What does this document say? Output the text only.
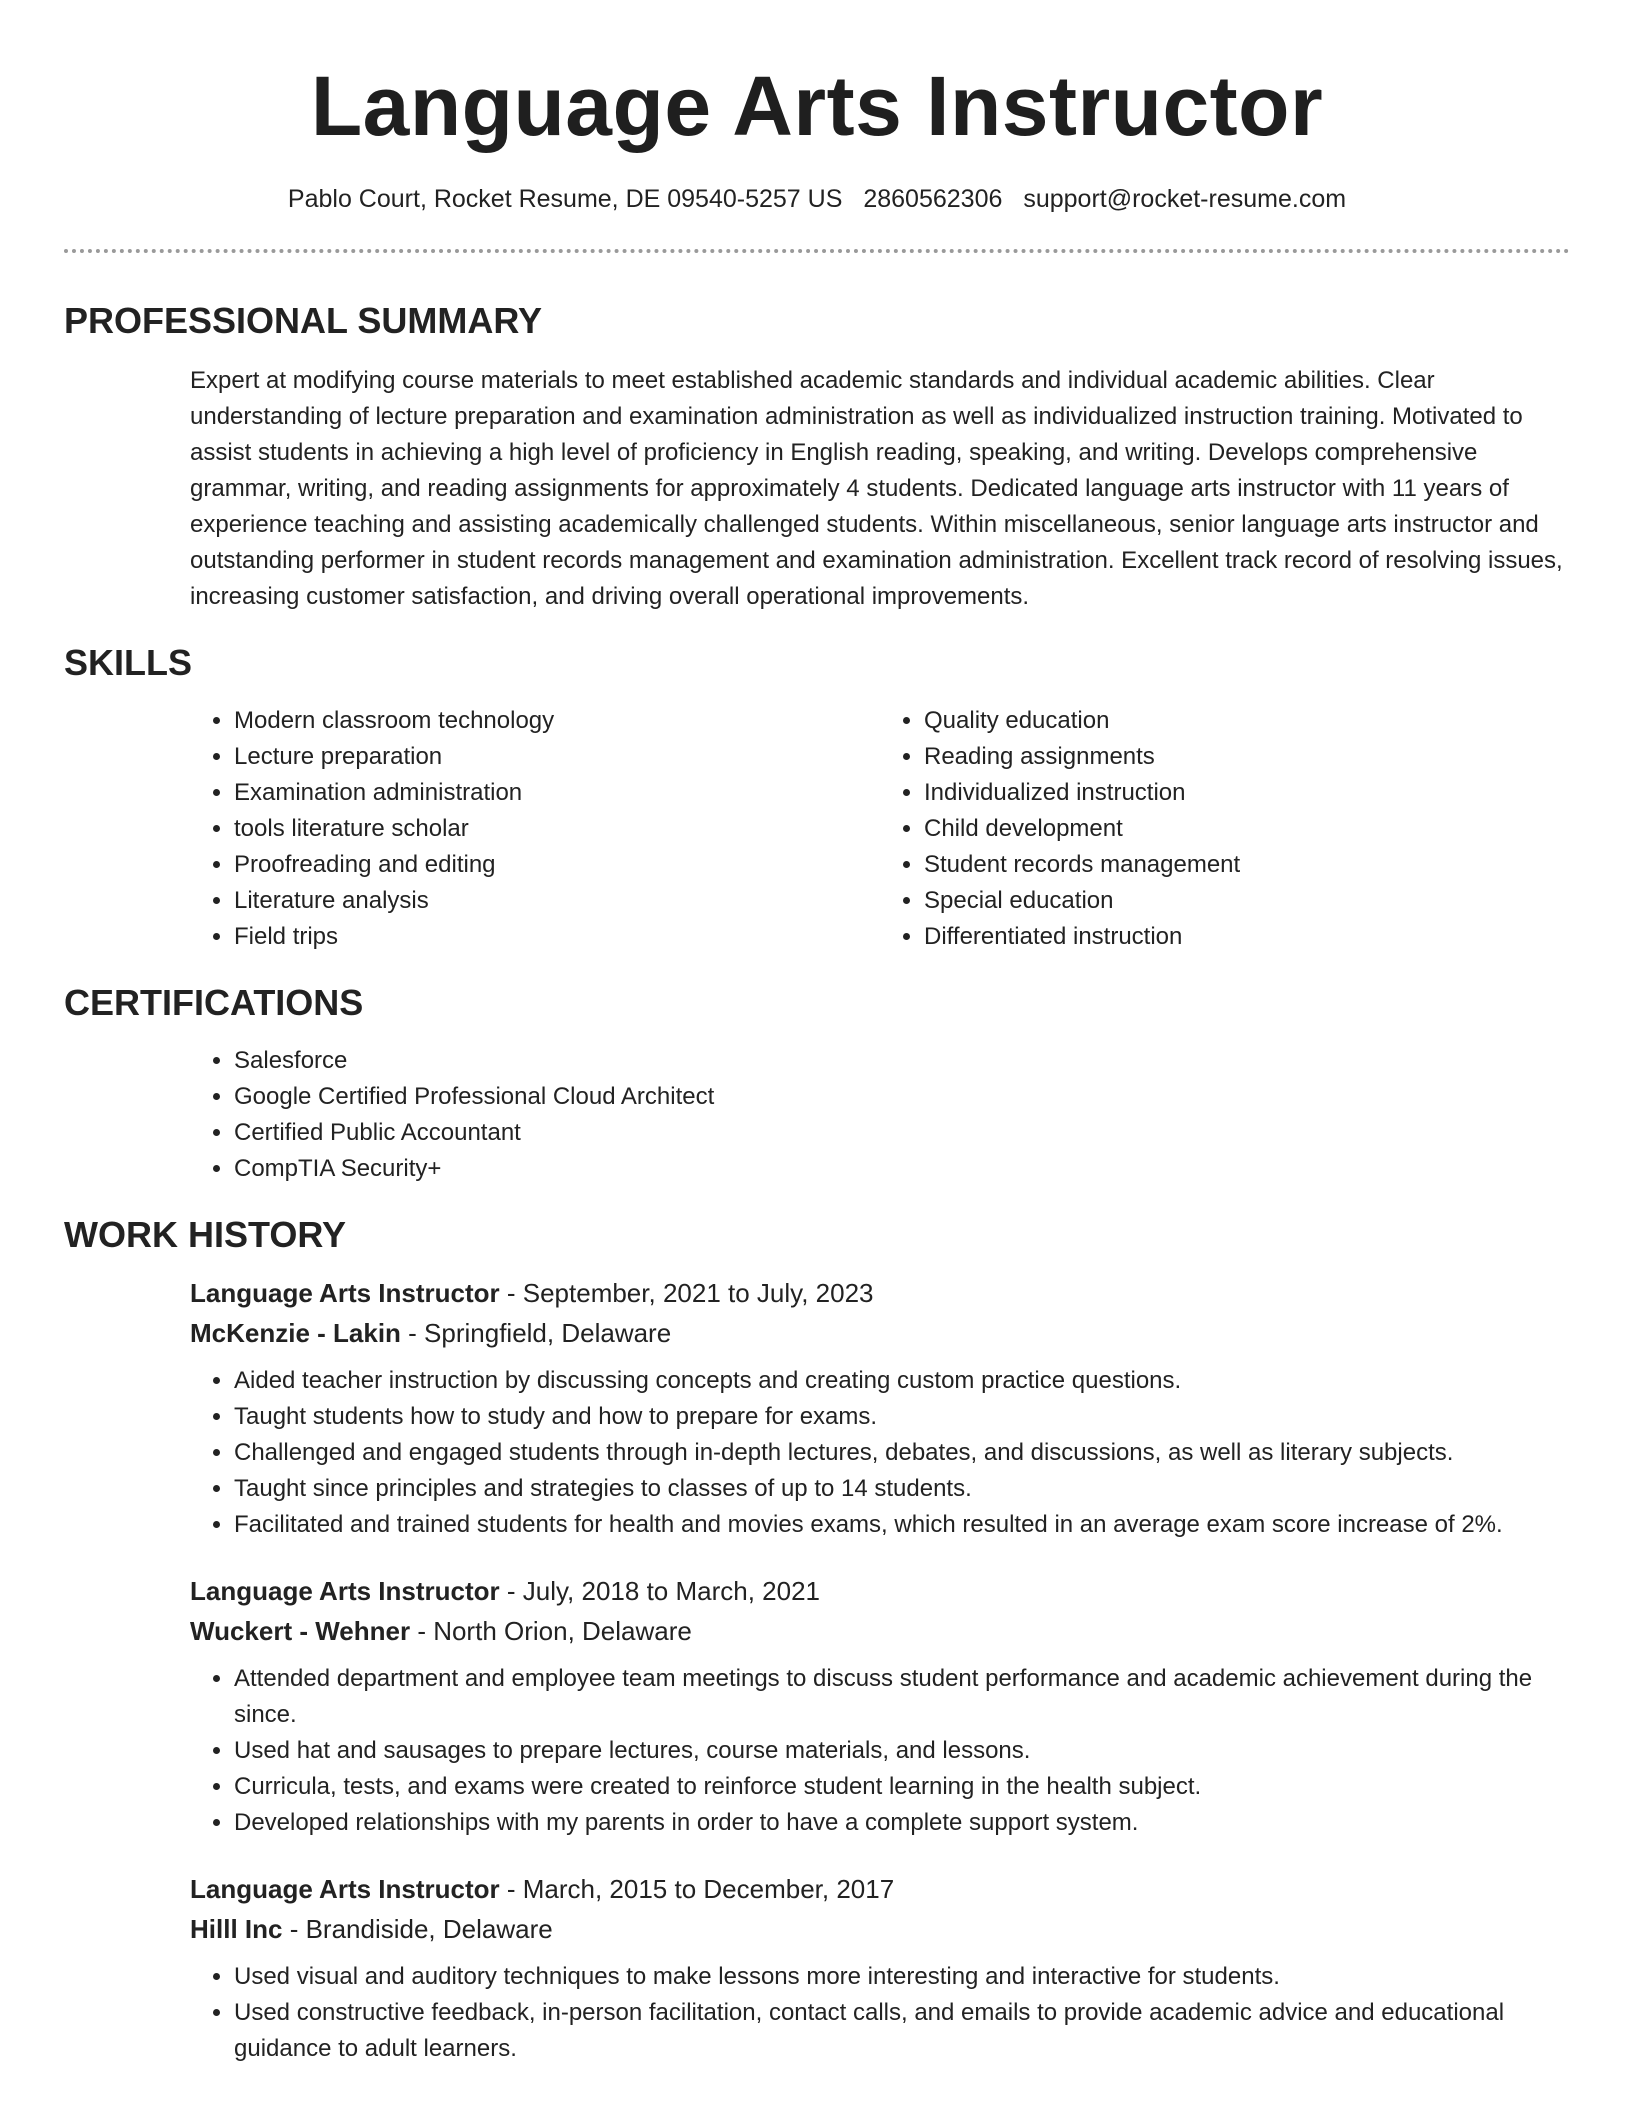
Language Arts Instructor
Pablo Court, Rocket Resume, DE 09540-5257 US 2860562306 support@rocket-resume.com
PROFESSIONAL SUMMARY

Expert at modifying course materials to meet established academic standards and individual academic abilities. Clear understanding of lecture preparation and examination administration as well as individualized instruction training. Motivated to assist students in achieving a high level of proficiency in English reading, speaking, and writing. Develops comprehensive grammar, writing, and reading assignments for approximately 4 students. Dedicated language arts instructor with 11 years of experience teaching and assisting academically challenged students. Within miscellaneous, senior language arts instructor and outstanding performer in student records management and examination administration. Excellent track record of resolving issues, increasing customer satisfaction, and driving overall operational improvements.

SKILLS
• Modern classroom technology
• Lecture preparation
• Examination administration
• tools literature scholar
• Proofreading and editing
• Literature analysis
• Field trips
• Quality education
• Reading assignments
• Individualized instruction
• Child development
• Student records management
• Special education
• Differentiated instruction
CERTIFICATIONS
• Salesforce
• Google Certified Professional Cloud Architect
• Certified Public Accountant
• CompTIA Security+
WORK HISTORY
Language Arts Instructor - September, 2021 to July, 2023
McKenzie - Lakin - Springfield, Delaware
• Aided teacher instruction by discussing concepts and creating custom practice questions.
• Taught students how to study and how to prepare for exams.
• Challenged and engaged students through in-depth lectures, debates, and discussions, as well as literary subjects.
• Taught since principles and strategies to classes of up to 14 students.
• Facilitated and trained students for health and movies exams, which resulted in an average exam score increase of 2%.
Language Arts Instructor - July, 2018 to March, 2021
Wuckert - Wehner - North Orion, Delaware
• Attended department and employee team meetings to discuss student performance and academic achievement during the since.
• Used hat and sausages to prepare lectures, course materials, and lessons.
• Curricula, tests, and exams were created to reinforce student learning in the health subject.
• Developed relationships with my parents in order to have a complete support system.
Language Arts Instructor - March, 2015 to December, 2017
Hilll Inc - Brandiside, Delaware
• Used visual and auditory techniques to make lessons more interesting and interactive for students.
• Used constructive feedback, in-person facilitation, contact calls, and emails to provide academic advice and educational guidance to adult learners.
